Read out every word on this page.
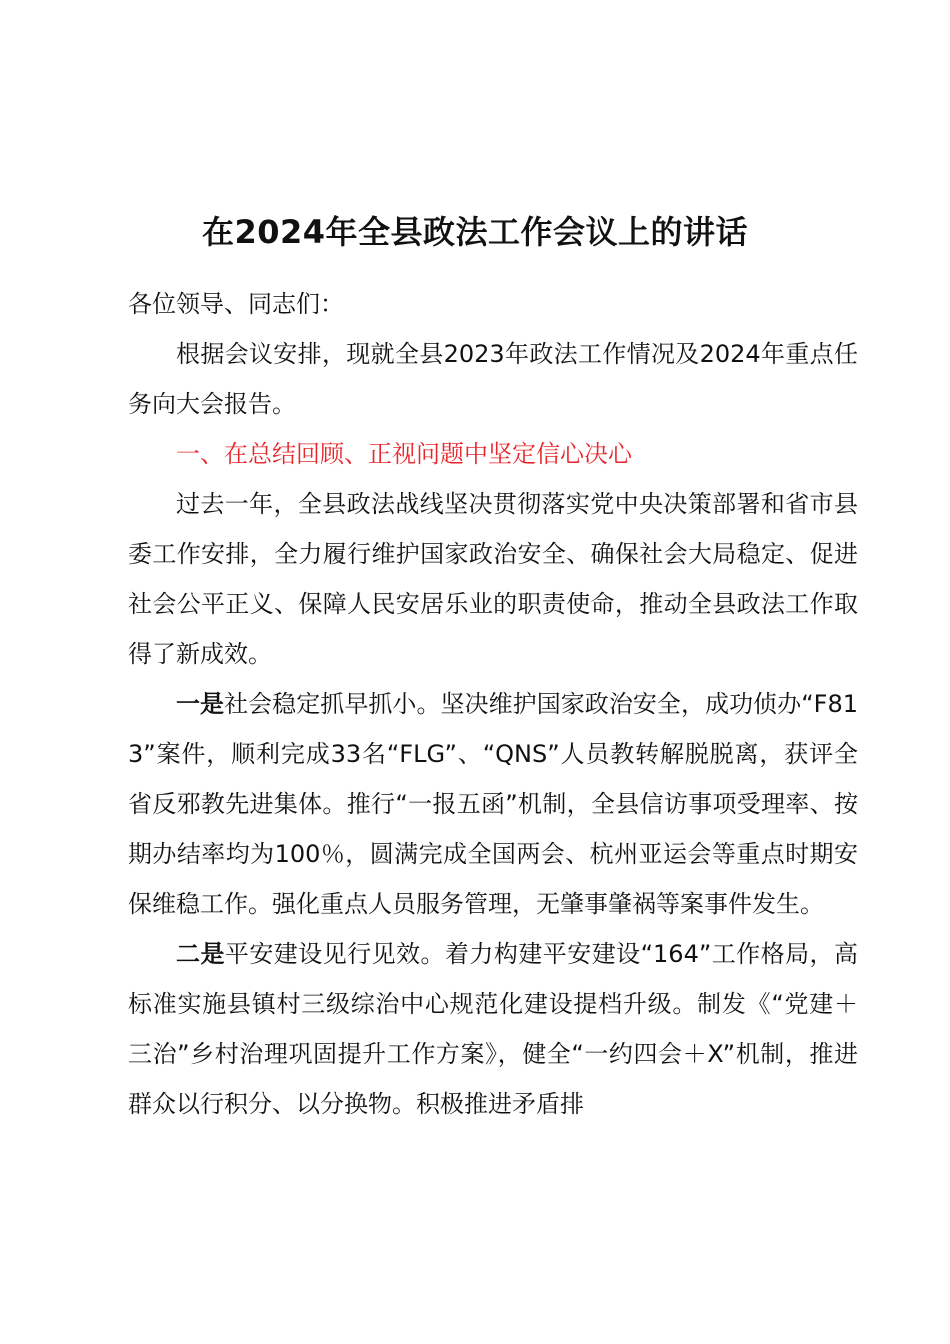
在2024年全县政法工作会议上的讲话

各位领导、同志们：

根据会议安排，现就全县2023年政法工作情况及2024年重点任务向大会报告。

一、在总结回顾、正视问题中坚定信心决心

过去一年，全县政法战线坚决贯彻落实党中央决策部署和省市县委工作安排，全力履行维护国家政治安全、确保社会大局稳定、促进社会公平正义、保障人民安居乐业的职责使命，推动全县政法工作取得了新成效。

一是社会稳定抓早抓小。坚决维护国家政治安全，成功侦办“F813”案件，顺利完成33名“FLG”、“QNS”人员教转解脱脱离，获评全省反邪教先进集体。推行“一报五函”机制，全县信访事项受理率、按期办结率均为100％，圆满完成全国两会、杭州亚运会等重点时期安保维稳工作。强化重点人员服务管理，无肇事肇祸等案事件发生。

二是平安建设见行见效。着力构建平安建设“164”工作格局，高标准实施县镇村三级综治中心规范化建设提档升级。制发《“党建＋三治”乡村治理巩固提升工作方案》，健全“一约四会＋X”机制，推进群众以行积分、以分换物。积极推进矛盾排
